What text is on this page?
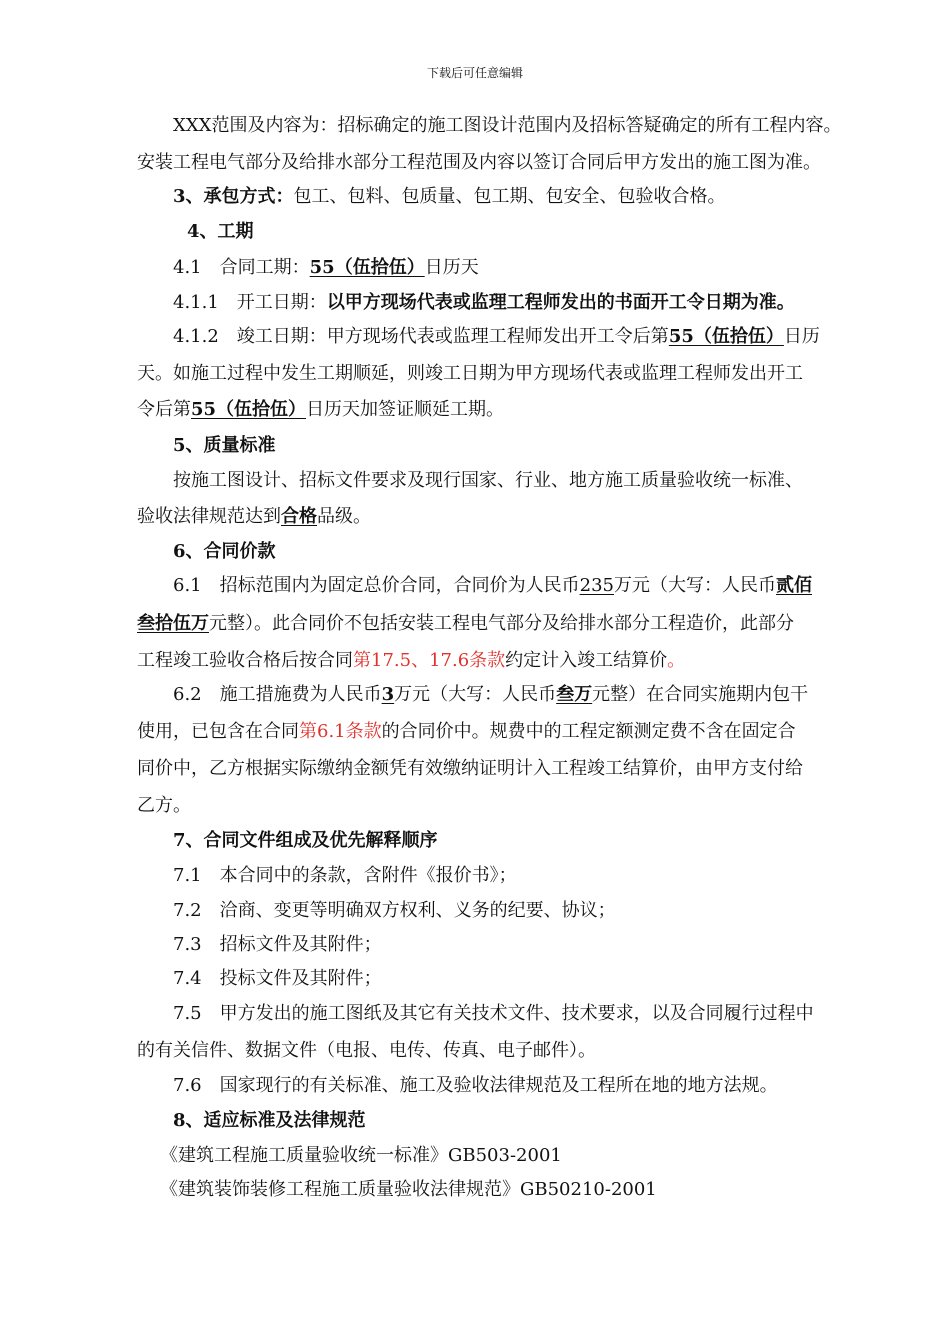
下载后可任意编辑
XXX范围及内容为：招标确定的施工图设计范围内及招标答疑确定的所有工程内容。
安装工程电气部分及给排水部分工程范围及内容以签订合同后甲方发出的施工图为准。
3、承包方式：包工、包料、包质量、包工期、包安全、包验收合格。
4、工期
4.1　合同工期：55（伍拾伍）日历天
4.1.1　开工日期：以甲方现场代表或监理工程师发出的书面开工令日期为准。
4.1.2　竣工日期：甲方现场代表或监理工程师发出开工令后第55（伍拾伍）日历
天。如施工过程中发生工期顺延，则竣工日期为甲方现场代表或监理工程师发出开工
令后第55（伍拾伍）日历天加签证顺延工期。
5、质量标准
按施工图设计、招标文件要求及现行国家、行业、地方施工质量验收统一标准、
验收法律规范达到合格品级。
6、合同价款
6.1　招标范围内为固定总价合同，合同价为人民币235万元（大写：人民币贰佰
叁拾伍万元整）。此合同价不包括安装工程电气部分及给排水部分工程造价，此部分
工程竣工验收合格后按合同第17.5、17.6条款约定计入竣工结算价。
6.2　施工措施费为人民币3万元（大写：人民币叁万元整）在合同实施期内包干
使用，已包含在合同第6.1条款的合同价中。规费中的工程定额测定费不含在固定合
同价中，乙方根据实际缴纳金额凭有效缴纳证明计入工程竣工结算价，由甲方支付给
乙方。
7、合同文件组成及优先解释顺序
7.1　本合同中的条款，含附件《报价书》；
7.2　洽商、变更等明确双方权利、义务的纪要、协议；
7.3　招标文件及其附件；
7.4　投标文件及其附件；
7.5　甲方发出的施工图纸及其它有关技术文件、技术要求，以及合同履行过程中
的有关信件、数据文件（电报、电传、传真、电子邮件）。
7.6　国家现行的有关标准、施工及验收法律规范及工程所在地的地方法规。
8、适应标准及法律规范
《建筑工程施工质量验收统一标准》GB503-2001
《建筑装饰装修工程施工质量验收法律规范》GB50210-2001
